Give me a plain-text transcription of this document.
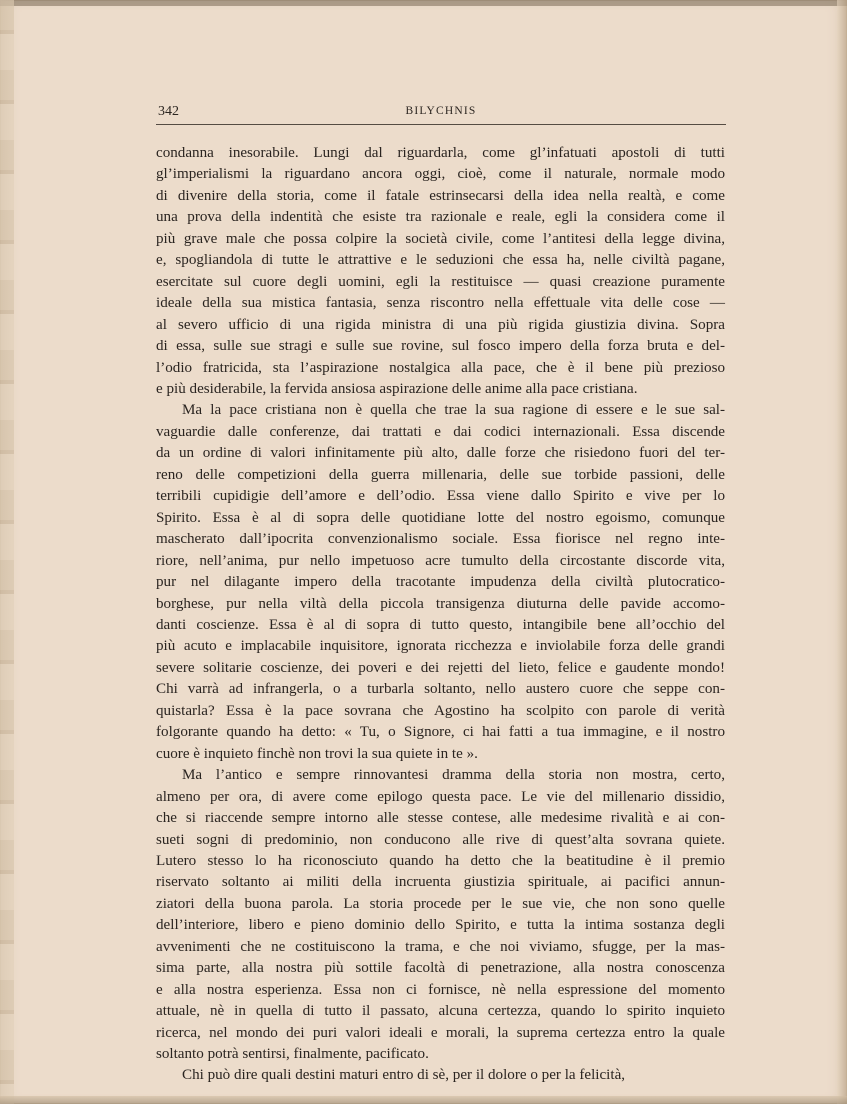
342	BILYCHNIS
condanna inesorabile. Lungi dal riguardarla, come gl’infatuati apostoli di tutti
gl’imperialismi la riguardano ancora oggi, cioè, come il naturale, normale modo
di divenire della storia, come il fatale estrinsecarsi della idea nella realtà, e come
una prova della indentità che esiste tra razionale e reale, egli la considera come il
più grave male che possa colpire la società civile, come l’antitesi della legge divina,
e, spogliandola di tutte le attrattive e le seduzioni che essa ha, nelle civiltà pagane,
esercitate sul cuore degli uomini, egli la restituisce — quasi creazione puramente
ideale della sua mistica fantasia, senza riscontro nella effettuale vita delle cose —
al severo ufficio di una rigida ministra di una più rigida giustizia divina. Sopra
di essa, sulle sue stragi e sulle sue rovine, sul fosco impero della forza bruta e del-
l’odio fratricida, sta l’aspirazione nostalgica alla pace, che è il bene più prezioso
e più desiderabile, la fervida ansiosa aspirazione delle anime alla pace cristiana.
Ma la pace cristiana non è quella che trae la sua ragione di essere e le sue sal-
vaguardie dalle conferenze, dai trattati e dai codici internazionali. Essa discende
da un ordine di valori infinitamente più alto, dalle forze che risiedono fuori del ter-
reno delle competizioni della guerra millenaria, delle sue torbide passioni, delle
terribili cupidigie dell’amore e dell’odio. Essa viene dallo Spirito e vive per lo
Spirito. Essa è al di sopra delle quotidiane lotte del nostro egoismo, comunque
mascherato dall’ipocrita convenzionalismo sociale. Essa fiorisce nel regno inte-
riore, nell’anima, pur nello impetuoso acre tumulto della circostante discorde vita,
pur nel dilagante impero della tracotante impudenza della civiltà plutocratico-
borghese, pur nella viltà della piccola transigenza diuturna delle pavide accomo-
danti coscienze. Essa è al di sopra di tutto questo, intangibile bene all’occhio del
più acuto e implacabile inquisitore, ignorata ricchezza e inviolabile forza delle grandi
severe solitarie coscienze, dei poveri e dei rejetti del lieto, felice e gaudente mondo!
Chi varrà ad infrangerla, o a turbarla soltanto, nello austero cuore che seppe con-
quistarla? Essa è la pace sovrana che Agostino ha scolpito con parole di verità
folgorante quando ha detto: « Tu, o Signore, ci hai fatti a tua immagine, e il nostro
cuore è inquieto finchè non trovi la sua quiete in te ».
Ma l’antico e sempre rinnovantesi dramma della storia non mostra, certo,
almeno per ora, di avere come epilogo questa pace. Le vie del millenario dissidio,
che si riaccende sempre intorno alle stesse contese, alle medesime rivalità e ai con-
sueti sogni di predominio, non conducono alle rive di quest’alta sovrana quiete.
Lutero stesso lo ha riconosciuto quando ha detto che la beatitudine è il premio
riservato soltanto ai militi della incruenta giustizia spirituale, ai pacifici annun-
ziatori della buona parola. La storia procede per le sue vie, che non sono quelle
dell’interiore, libero e pieno dominio dello Spirito, e tutta la intima sostanza degli
avvenimenti che ne costituiscono la trama, e che noi viviamo, sfugge, per la mas-
sima parte, alla nostra più sottile facoltà di penetrazione, alla nostra conoscenza
e alla nostra esperienza. Essa non ci fornisce, nè nella espressione del momento
attuale, nè in quella di tutto il passato, alcuna certezza, quando lo spirito inquieto
ricerca, nel mondo dei puri valori ideali e morali, la suprema certezza entro la quale
soltanto potrà sentirsi, finalmente, pacificato.
Chi può dire quali destini maturi entro di sè, per il dolore o per la felicità,
